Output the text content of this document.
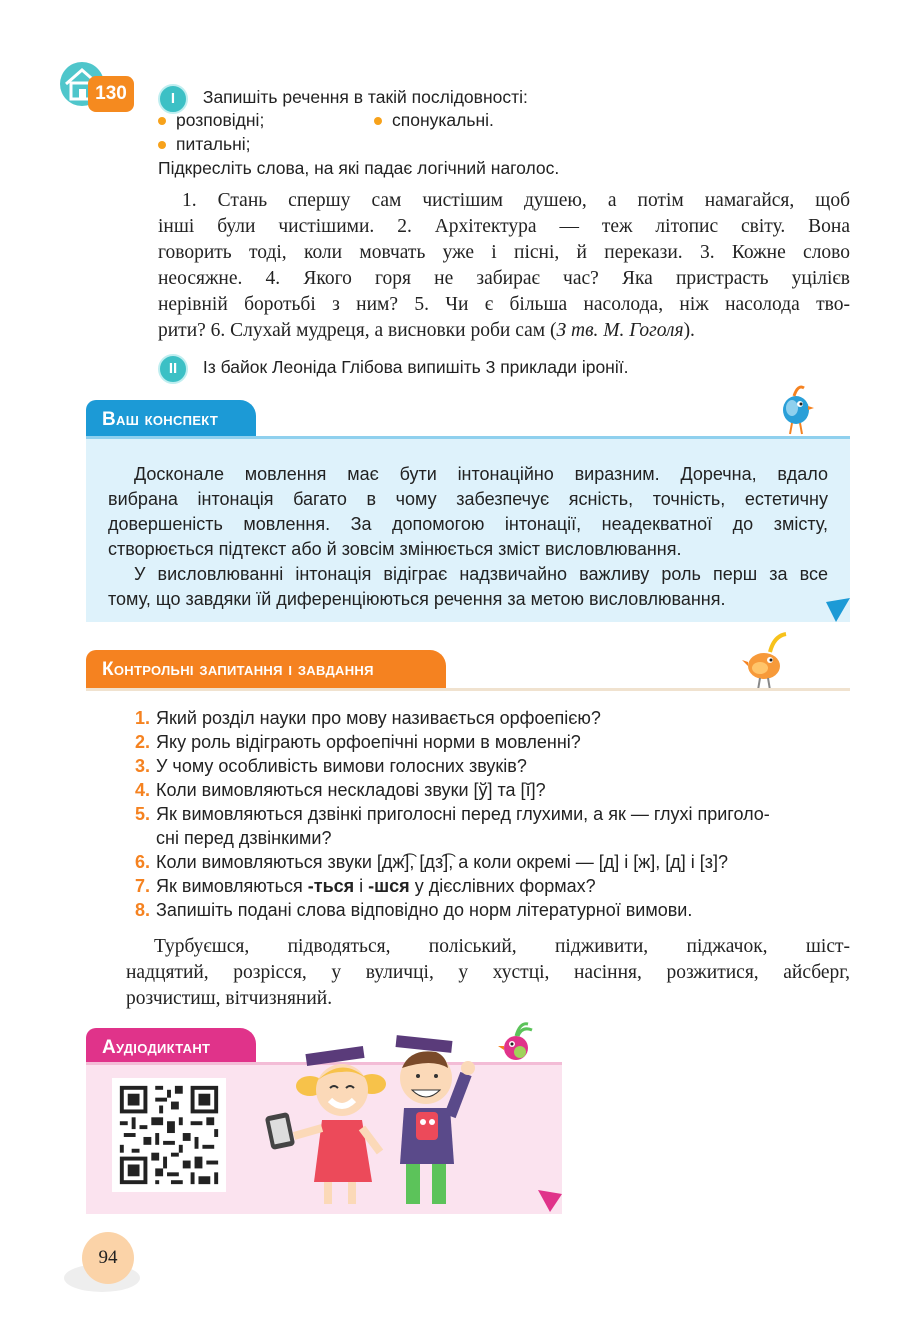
130	I Запишіть речення в такій послідовності:
розповідні;	спонукальні.
питальні;
Підкресліть слова, на які падає логічний наголос.
1. Стань спершу сам чистішим душею, а потім намагайся, щоб
інші були чистішими. 2. Архітектура — теж літопис світу. Вона
говорить тоді, коли мовчать уже і пісні, й перекази. 3. Кожне слово
неосяжне. 4. Якого горя не забирає час? Яка пристрасть уцілієв
нерівній боротьбі з ним? 5. Чи є більша насолода, ніж насолода тво-
рити? 6. Слухай мудреця, а висновки роби сам (З тв. М. Гоголя).
II Із байок Леоніда Глібова випишіть 3 приклади іронії.
Ваш конспект
Досконале мовлення має бути інтонаційно виразним. Доречна, вдало
вибрана інтонація багато в чому забезпечує ясність, точність, естетичну
довершеність мовлення. За допомогою інтонації, неадекватної до змісту,
створюється підтекст або й зовсім змінюється зміст висловлювання.
У висловлюванні інтонація відіграє надзвичайно важливу роль перш за все
тому, що завдяки їй диференціюються речення за метою висловлювання.
Контрольні запитання і завдання
1. Який розділ науки про мову називається орфоепією?
2. Яку роль відіграють орфоепічні норми в мовленні?
3. У чому особливість вимови голосних звуків?
4. Коли вимовляються нескладові звуки [ў] та [ĭ]?
5. Як вимовляються дзвінкі приголосні перед глухими, а як — глухі приголо-
сні перед дзвінкими?
6. Коли вимовляються звуки [дж͡], [дз͡], а коли окремі — [д] і [ж], [д] і [з]?
7. Як вимовляються -ться і -шся у дієслівних формах?
8. Запишіть подані слова відповідно до норм літературної вимови.
Турбуєшся, підводяться, поліський, підживити, піджачок, шіст-
надцятий, розрісся, у вуличці, у хустці, насіння, розжитися, айсберг,
розчистиш, вітчизняний.
Аудіодиктант
94
